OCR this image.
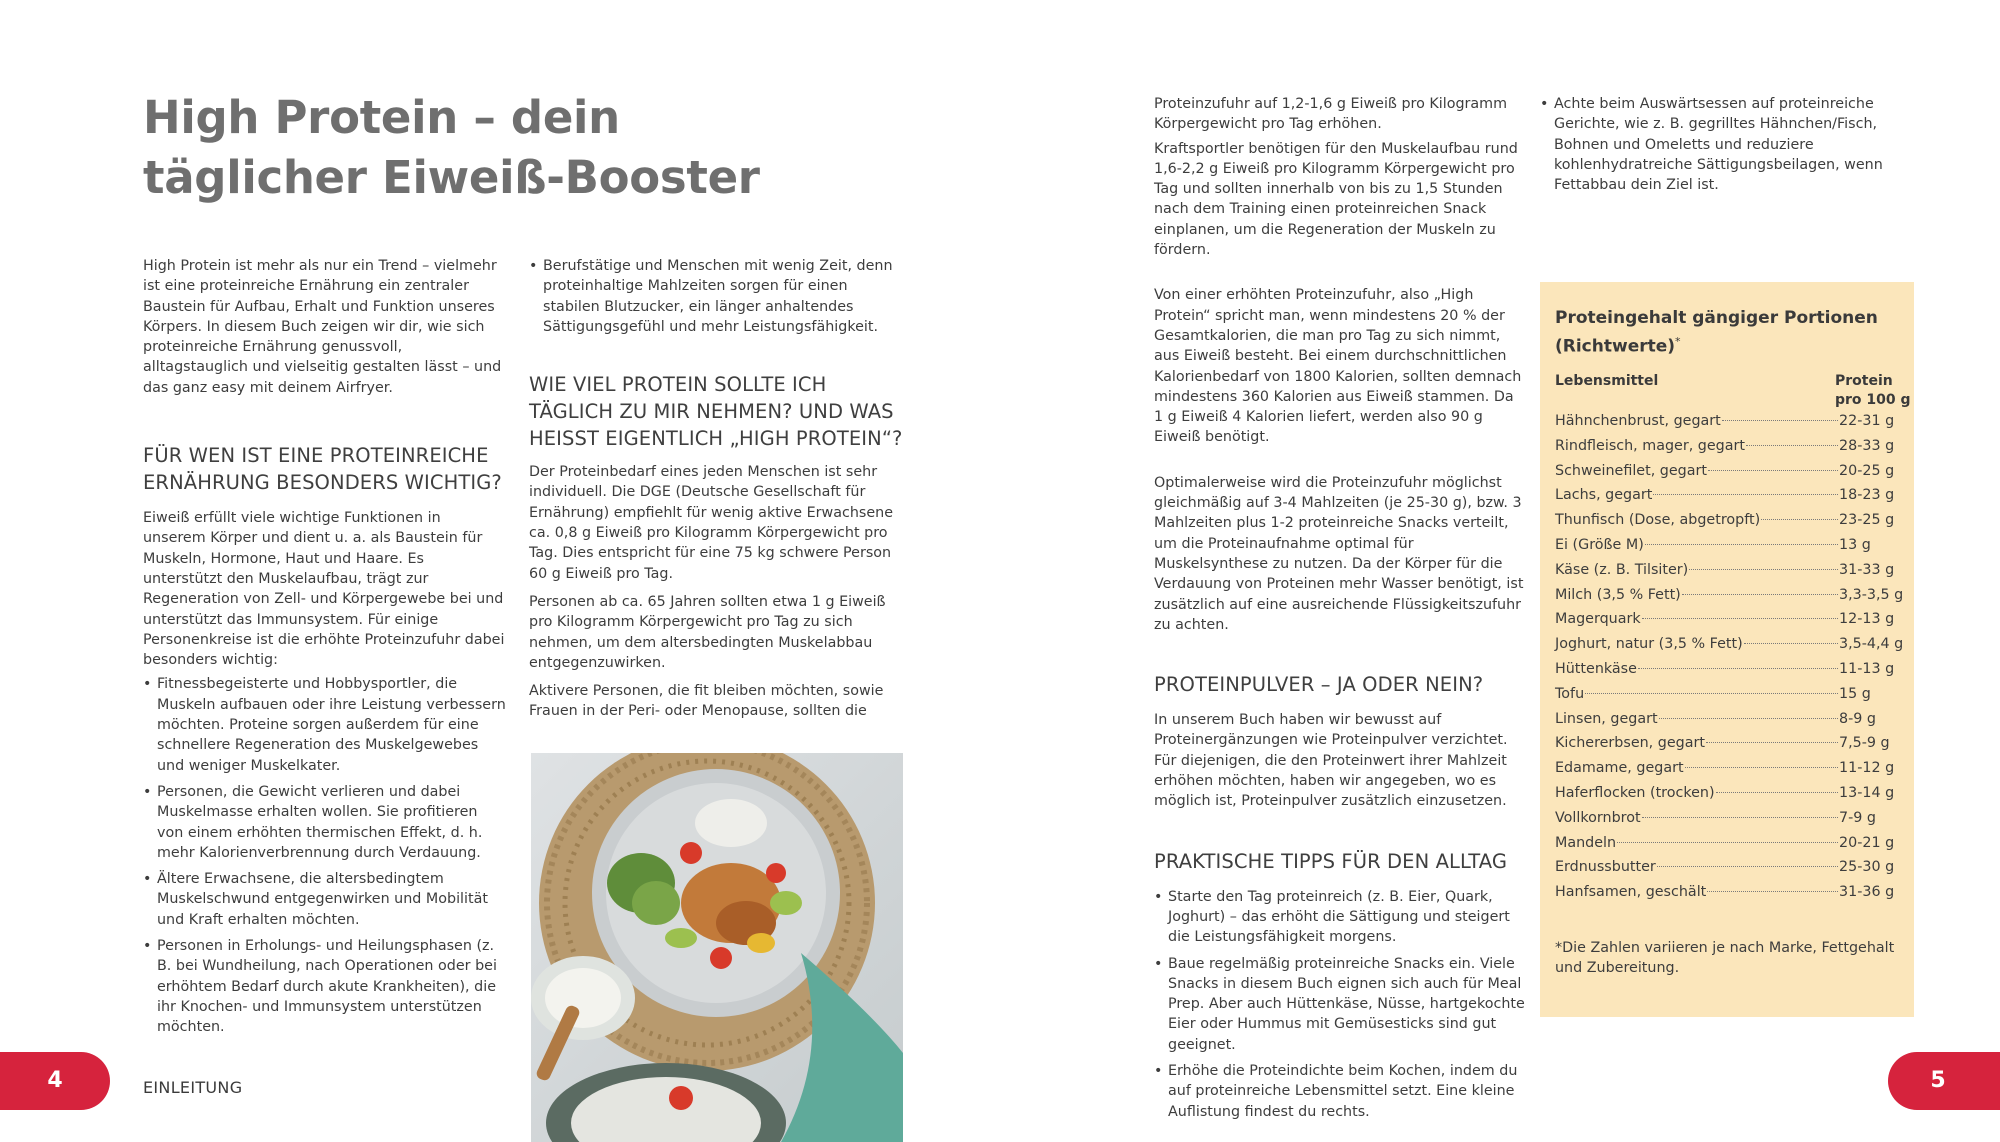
High Protein – dein
täglicher Eiweiß-Booster

High Protein ist mehr als nur ein Trend – vielmehr ist eine proteinreiche Ernährung ein zentraler Baustein für Aufbau, Erhalt und Funktion unseres Körpers. In diesem Buch zeigen wir dir, wie sich proteinreiche Ernährung genussvoll, alltagstauglich und vielseitig gestalten lässt – und das ganz easy mit deinem Airfryer.

FÜR WEN IST EINE PROTEINREICHE ERNÄHRUNG BESONDERS WICHTIG?

Eiweiß erfüllt viele wichtige Funktionen in unserem Körper und dient u. a. als Baustein für Muskeln, Hormone, Haut und Haare. Es unterstützt den Muskelaufbau, trägt zur Regeneration von Zell- und Körpergewebe bei und unterstützt das Immunsystem. Für einige Personenkreise ist die erhöhte Proteinzufuhr dabei besonders wichtig:

• Fitnessbegeisterte und Hobbysportler, die Muskeln aufbauen oder ihre Leistung verbessern möchten. Proteine sorgen außerdem für eine schnellere Regeneration des Muskelgewebes und weniger Muskelkater.
• Personen, die Gewicht verlieren und dabei Muskelmasse erhalten wollen. Sie profitieren von einem erhöhten thermischen Effekt, d. h. mehr Kalorienverbrennung durch Verdauung.
• Ältere Erwachsene, die altersbedingtem Muskelschwund entgegenwirken und Mobilität und Kraft erhalten möchten.
• Personen in Erholungs- und Heilungsphasen (z. B. bei Wundheilung, nach Operationen oder bei erhöhtem Bedarf durch akute Krankheiten), die ihr Knochen- und Immunsystem unterstützen möchten.
• Berufstätige und Menschen mit wenig Zeit, denn proteinhaltige Mahlzeiten sorgen für einen stabilen Blutzucker, ein länger anhaltendes Sättigungsgefühl und mehr Leistungsfähigkeit.
WIE VIEL PROTEIN SOLLTE ICH TÄGLICH ZU MIR NEHMEN? UND WAS HEISST EIGENTLICH „HIGH PROTEIN“?

Der Proteinbedarf eines jeden Menschen ist sehr individuell. Die DGE (Deutsche Gesellschaft für Ernährung) empfiehlt für wenig aktive Erwachsene ca. 0,8 g Eiweiß pro Kilogramm Körpergewicht pro Tag. Dies entspricht für eine 75 kg schwere Person 60 g Eiweiß pro Tag.

Personen ab ca. 65 Jahren sollten etwa 1 g Eiweiß pro Kilogramm Körpergewicht pro Tag zu sich nehmen, um dem altersbedingten Muskelabbau entgegenzuwirken.

Aktivere Personen, die fit bleiben möchten, sowie Frauen in der Peri- oder Menopause, sollten die

Proteinzufuhr auf 1,2-1,6 g Eiweiß pro Kilogramm Körpergewicht pro Tag erhöhen.

Kraftsportler benötigen für den Muskelaufbau rund 1,6-2,2 g Eiweiß pro Kilogramm Körpergewicht pro Tag und sollten innerhalb von bis zu 1,5 Stunden nach dem Training einen proteinreichen Snack einplanen, um die Regeneration der Muskeln zu fördern.

Von einer erhöhten Proteinzufuhr, also „High Protein“ spricht man, wenn mindestens 20 % der Gesamtkalorien, die man pro Tag zu sich nimmt, aus Eiweiß besteht. Bei einem durchschnittlichen Kalorienbedarf von 1800 Kalorien, sollten demnach mindestens 360 Kalorien aus Eiweiß stammen. Da 1 g Eiweiß 4 Kalorien liefert, werden also 90 g Eiweiß benötigt.

Optimalerweise wird die Proteinzufuhr möglichst gleichmäßig auf 3-4 Mahlzeiten (je 25-30 g), bzw. 3 Mahlzeiten plus 1-2 proteinreiche Snacks verteilt, um die Proteinaufnahme optimal für Muskelsynthese zu nutzen. Da der Körper für die Verdauung von Proteinen mehr Wasser benötigt, ist zusätzlich auf eine ausreichende Flüssigkeitszufuhr zu achten.

PROTEINPULVER – JA ODER NEIN?

In unserem Buch haben wir bewusst auf Proteinergänzungen wie Proteinpulver verzichtet. Für diejenigen, die den Proteinwert ihrer Mahlzeit erhöhen möchten, haben wir angegeben, wo es möglich ist, Proteinpulver zusätzlich einzusetzen.

PRAKTISCHE TIPPS FÜR DEN ALLTAG
• Starte den Tag proteinreich (z. B. Eier, Quark, Joghurt) – das erhöht die Sättigung und steigert die Leistungsfähigkeit morgens.
• Baue regelmäßig proteinreiche Snacks ein. Viele Snacks in diesem Buch eignen sich auch für Meal Prep. Aber auch Hüttenkäse, Nüsse, hartgekochte Eier oder Hummus mit Gemüsesticks sind gut geeignet.
• Erhöhe die Proteindichte beim Kochen, indem du auf proteinreiche Lebensmittel setzt. Eine kleine Auflistung findest du rechts.
• Achte beim Auswärtsessen auf proteinreiche Gerichte, wie z. B. gegrilltes Hähnchen/Fisch, Bohnen und Omeletts und reduziere kohlenhydratreiche Sättigungsbeilagen, wenn Fettabbau dein Ziel ist.
Proteingehalt gängiger Portionen (Richtwerte)*
Lebensmittel	Protein
pro 100 g
Hähnchenbrust, gegart	22-31 g
Rindfleisch, mager, gegart	28-33 g
Schweinefilet, gegart	20-25 g
Lachs, gegart	18-23 g
Thunfisch (Dose, abgetropft)	23-25 g
Ei (Größe M)	13 g
Käse (z. B. Tilsiter)	31-33 g
Milch (3,5 % Fett)	3,3-3,5 g
Magerquark	12-13 g
Joghurt, natur (3,5 % Fett)	3,5-4,4 g
Hüttenkäse	11-13 g
Tofu	15 g
Linsen, gegart	8-9 g
Kichererbsen, gegart	7,5-9 g
Edamame, gegart	11-12 g
Haferflocken (trocken)	13-14 g
Vollkornbrot	7-9 g
Mandeln	20-21 g
Erdnussbutter	25-30 g
Hanfsamen, geschält	31-36 g
*Die Zahlen variieren je nach Marke, Fettgehalt und Zubereitung.
4	EINLEITUNG	5
